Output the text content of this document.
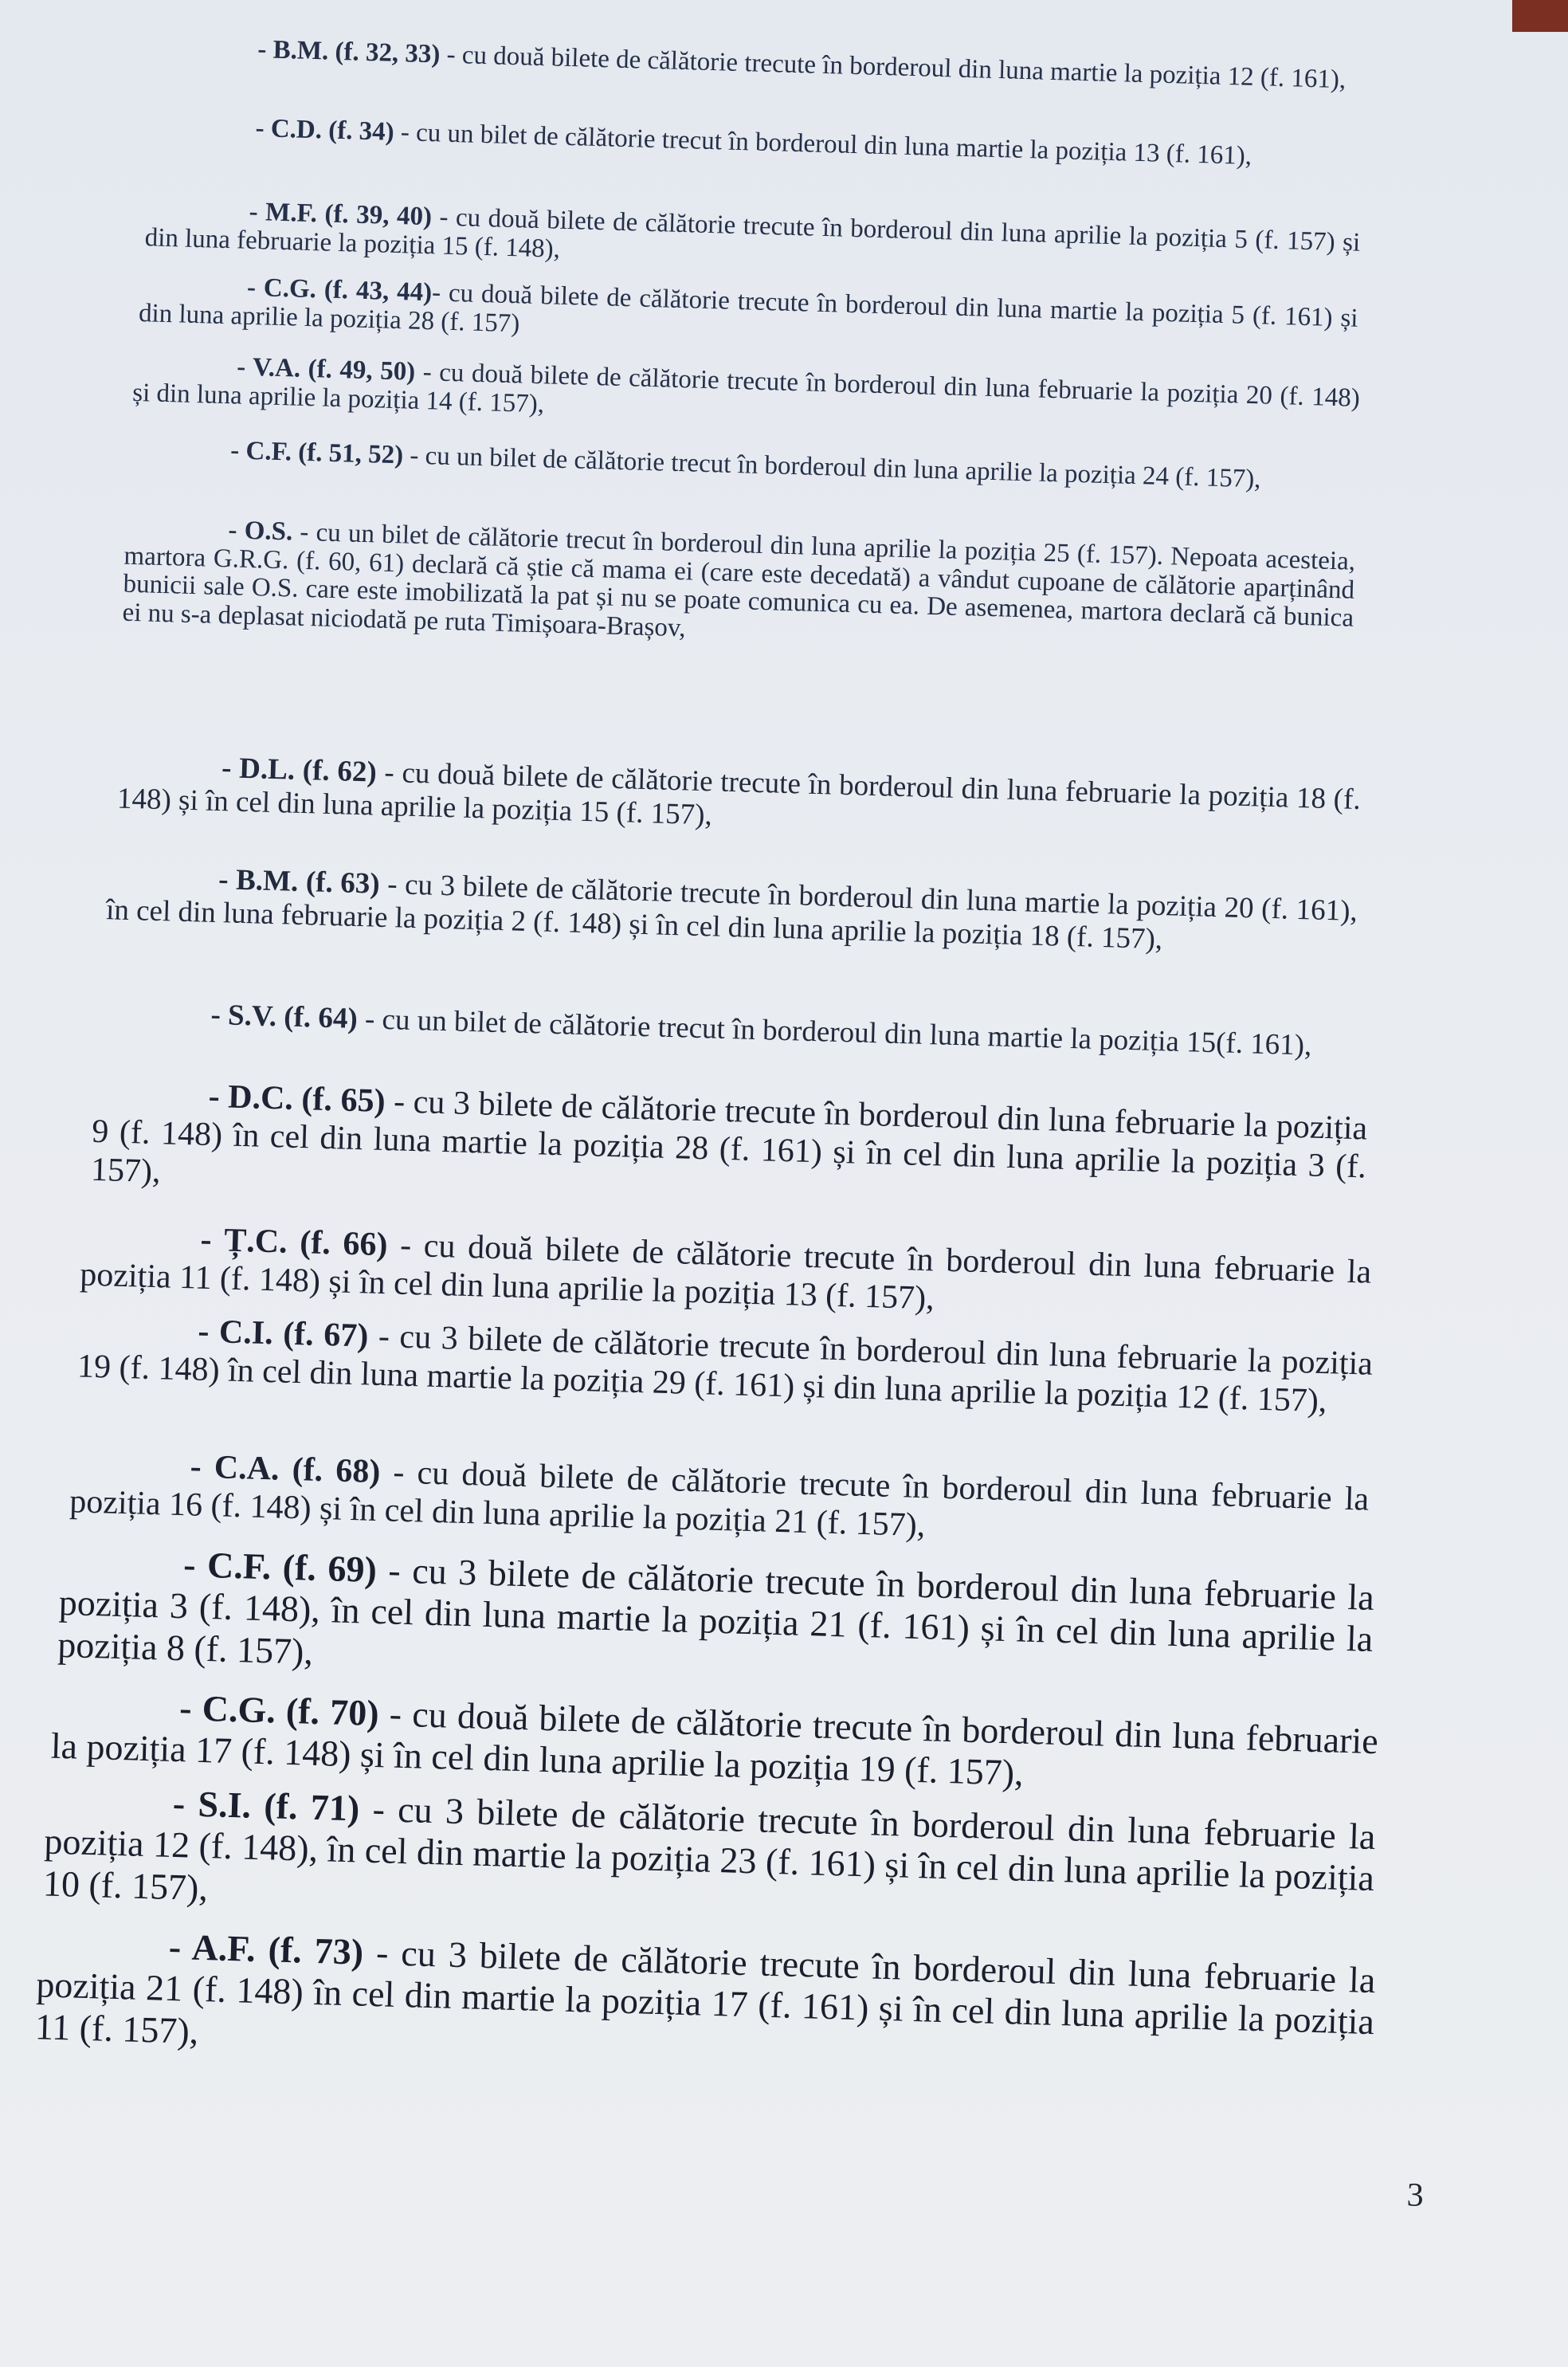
- B.M. (f. 32, 33) - cu două bilete de călătorie trecute în borderoul din luna martie la poziția 12 (f. 161),

- C.D. (f. 34) - cu un bilet de călătorie trecut în borderoul din luna martie la poziția 13 (f. 161),

- M.F. (f. 39, 40) - cu două bilete de călătorie trecute în borderoul din luna aprilie la poziția 5 (f. 157) și din luna februarie la poziția 15 (f. 148),

- C.G. (f. 43, 44)- cu două bilete de călătorie trecute în borderoul din luna martie la poziția 5 (f. 161) și din luna aprilie la poziția 28 (f. 157)

- V.A. (f. 49, 50) - cu două bilete de călătorie trecute în borderoul din luna februarie la poziția 20 (f. 148) și din luna aprilie la poziția 14 (f. 157),

- C.F. (f. 51, 52) - cu un bilet de călătorie trecut în borderoul din luna aprilie la poziția 24 (f. 157),

- O.S. - cu un bilet de călătorie trecut în borderoul din luna aprilie la poziția 25 (f. 157). Nepoata acesteia, martora G.R.G. (f. 60, 61) declară că știe că mama ei (care este decedată) a vândut cupoane de călătorie aparținând bunicii sale O.S. care este imobilizată la pat și nu se poate comunica cu ea. De asemenea, martora declară că bunica ei nu s-a deplasat niciodată pe ruta Timișoara-Brașov,

- D.L. (f. 62) - cu două bilete de călătorie trecute în borderoul din luna februarie la poziția 18 (f. 148) și în cel din luna aprilie la poziția 15 (f. 157),

- B.M. (f. 63) - cu 3 bilete de călătorie trecute în borderoul din luna martie la poziția 20 (f. 161), în cel din luna februarie la poziția 2 (f. 148) și în cel din luna aprilie la poziția 18 (f. 157),

- S.V. (f. 64) - cu un bilet de călătorie trecut în borderoul din luna martie la poziția 15(f. 161),

- D.C. (f. 65) - cu 3 bilete de călătorie trecute în borderoul din luna februarie la poziția 9 (f. 148) în cel din luna martie la poziția 28 (f. 161) și în cel din luna aprilie la poziția 3 (f. 157),

- Ț.C. (f. 66) - cu două bilete de călătorie trecute în borderoul din luna februarie la poziția 11 (f. 148) și în cel din luna aprilie la poziția 13 (f. 157),

- C.I. (f. 67) - cu 3 bilete de călătorie trecute în borderoul din luna februarie la poziția 19 (f. 148) în cel din luna martie la poziția 29 (f. 161) și din luna aprilie la poziția 12 (f. 157),

- C.A. (f. 68) - cu două bilete de călătorie trecute în borderoul din luna februarie la poziția 16 (f. 148) și în cel din luna aprilie la poziția 21 (f. 157),

- C.F. (f. 69) - cu 3 bilete de călătorie trecute în borderoul din luna februarie la poziția 3 (f. 148), în cel din luna martie la poziția 21 (f. 161) și în cel din luna aprilie la poziția 8 (f. 157),

- C.G. (f. 70) - cu două bilete de călătorie trecute în borderoul din luna februarie la poziția 17 (f. 148) și în cel din luna aprilie la poziția 19 (f. 157),

- S.I. (f. 71) - cu 3 bilete de călătorie trecute în borderoul din luna februarie la poziția 12 (f. 148), în cel din martie la poziția 23 (f. 161) și în cel din luna aprilie la poziția 10 (f. 157),

- A.F. (f. 73) - cu 3 bilete de călătorie trecute în borderoul din luna februarie la poziția 21 (f. 148) în cel din martie la poziția 17 (f. 161) și în cel din luna aprilie la poziția 11 (f. 157),

3
